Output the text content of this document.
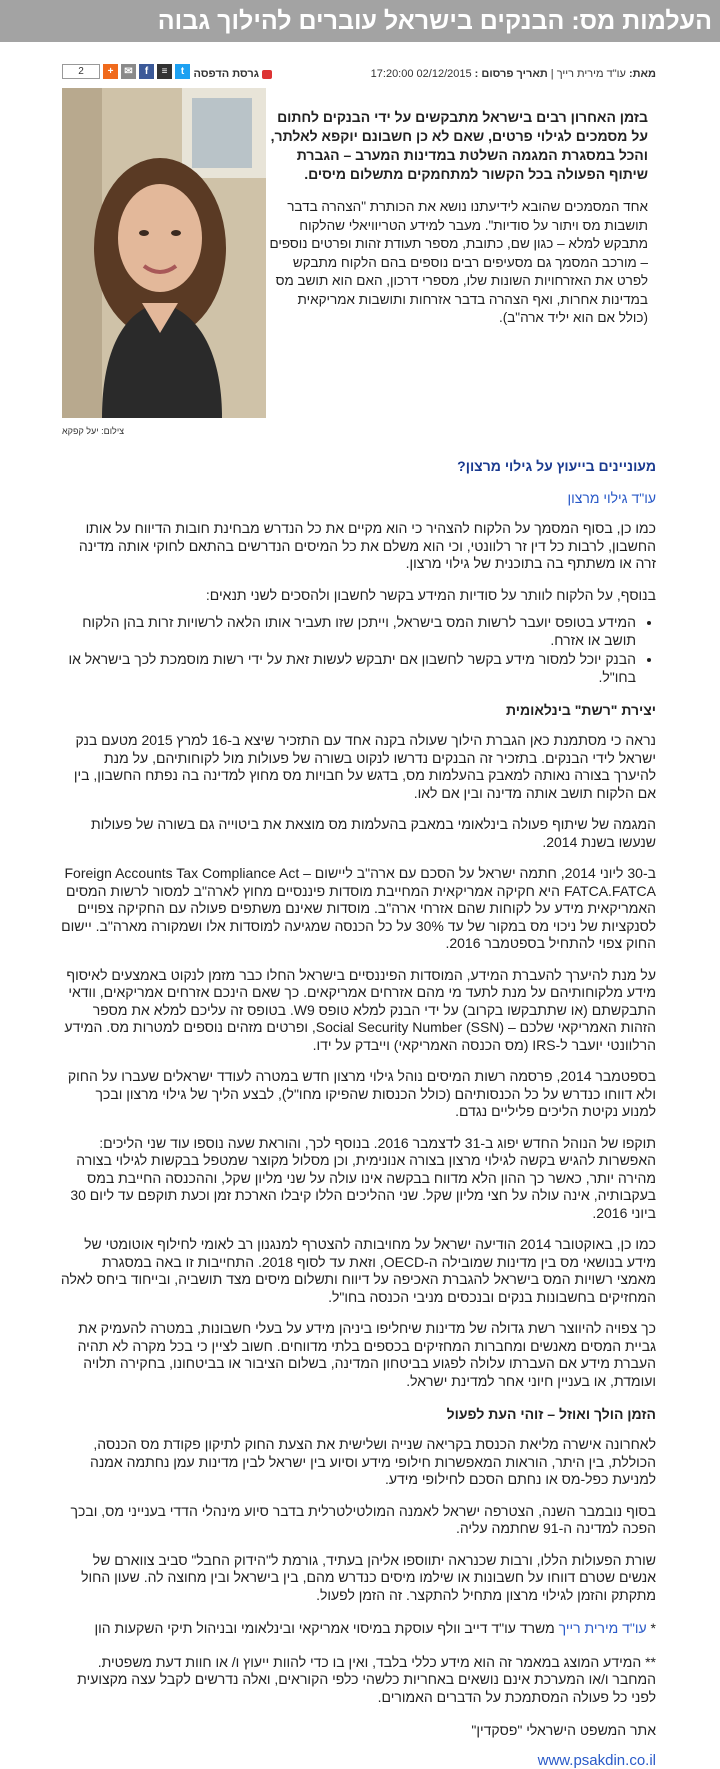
העלמות מס: הבנקים בישראל עוברים להילוך גבוה
מאת: עו"ד מירית רייך | תאריך פרסום : 02/12/2015 17:20:00
גרסת הדפסה
t
≡
f
✉
+
2
צילום: יעל קפקא

בזמן האחרון רבים בישראל מתבקשים על ידי הבנקים לחתום על מסמכים לגילוי פרטים, שאם לא כן חשבונם יוקפא לאלתר, והכל במסגרת המגמה השלטת במדינות המערב – הגברת שיתוף הפעולה בכל הקשור למתחמקים מתשלום מיסים.

אחד המסמכים שהובא לידיעתנו נושא את הכותרת "הצהרה בדבר תושבות מס ויתור על סודיות". מעבר למידע הטריוויאלי שהלקוח מתבקש למלא – כגון שם, כתובת, מספר תעודת זהות ופרטים נוספים – מורכב המסמך גם מסעיפים רבים נוספים בהם הלקוח מתבקש לפרט את האזרחויות השונות שלו, מספרי דרכון, האם הוא תושב מס במדינות אחרות, ואף הצהרה בדבר אזרחות ותושבות אמריקאית (כולל אם הוא יליד ארה"ב).

מעוניינים בייעוץ על גילוי מרצון?

עו"ד גילוי מרצון

כמו כן, בסוף המסמך על הלקוח להצהיר כי הוא מקיים את כל הנדרש מבחינת חובות הדיווח על אותו החשבון, לרבות כל דין זר רלוונטי, וכי הוא משלם את כל המיסים הנדרשים בהתאם לחוקי אותה מדינה זרה או משתתף בה בתוכנית של גילוי מרצון.

בנוסף, על הלקוח לוותר על סודיות המידע בקשר לחשבון ולהסכים לשני תנאים:

• המידע בטופס יועבר לרשות המס בישראל, וייתכן שזו תעביר אותו הלאה לרשויות זרות בהן הלקוח תושב או אזרח.
• הבנק יוכל למסור מידע בקשר לחשבון אם יתבקש לעשות זאת על ידי רשות מוסמכת לכך בישראל או בחו"ל.
יצירת "רשת" בינלאומית

נראה כי מסתמנת כאן הגברת הילוך שעולה בקנה אחד עם התזכיר שיצא ב-16 למרץ 2015 מטעם בנק ישראל לידי הבנקים. בתזכיר זה הבנקים נדרשו לנקוט בשורה של פעולות מול לקוחותיהם, על מנת להיערך בצורה נאותה למאבק בהעלמות מס, בדגש על חבויות מס מחוץ למדינה בה נפתח החשבון, בין אם הלקוח תושב אותה מדינה ובין אם לאו.

המגמה של שיתוף פעולה בינלאומי במאבק בהעלמות מס מוצאת את ביטוייה גם בשורה של פעולות שנעשו בשנת 2014.

ב-30 ליוני 2014, חתמה ישראל על הסכם עם ארה"ב ליישום Foreign Accounts Tax Compliance Act – FATCA.FATCA היא חקיקה אמריקאית המחייבת מוסדות פיננסיים מחוץ לארה"ב למסור לרשות המסים האמריקאית מידע על לקוחות שהם אזרחי ארה"ב. מוסדות שאינם משתפים פעולה עם החקיקה צפויים לסנקציות של ניכוי מס במקור של עד 30% על כל הכנסה שמגיעה למוסדות אלו ושמקורה מארה"ב. יישום החוק צפוי להתחיל בספטמבר 2016.

על מנת להיערך להעברת המידע, המוסדות הפיננסיים בישראל החלו כבר מזמן לנקוט באמצעים לאיסוף מידע מלקוחותיהם על מנת לתעד מי מהם אזרחים אמריקאים. כך שאם הינכם אזרחים אמריקאים, וודאי התבקשתם (או שתתבקשו בקרוב) על ידי הבנק למלא טופס W9. בטופס זה עליכם למלא את מספר הזהות האמריקאי שלכם – Social Security Number (SSN), ופרטים מזהים נוספים למטרות מס. המידע הרלוונטי יועבר ל-IRS (מס הכנסה האמריקאי) וייבדק על ידו.

בספטמבר 2014, פרסמה רשות המיסים נוהל גילוי מרצון חדש במטרה לעודד ישראלים שעברו על החוק ולא דווחו כנדרש על כל הכנסותיהם (כולל הכנסות שהפיקו מחו"ל), לבצע הליך של גילוי מרצון ובכך למנוע נקיטת הליכים פליליים נגדם.

תוקפו של הנוהל החדש יפוג ב-31 לדצמבר 2016. בנוסף לכך, והוראת שעה נוספו עוד שני הליכים: האפשרות להגיש בקשה לגילוי מרצון בצורה אנונימית, וכן מסלול מקוצר שמטפל בבקשות לגילוי בצורה מהירה יותר, כאשר כך ההון הלא מדווח בבקשה אינו עולה על שני מליון שקל, וההכנסה החייבת במס בעקבותיה, אינה עולה על חצי מליון שקל. שני ההליכים הללו קיבלו הארכת זמן וכעת תוקפם עד ליום 30 ביוני 2016.

כמו כן, באוקטובר 2014 הודיעה ישראל על מחויבותה להצטרף למנגנון רב לאומי לחילוף אוטומטי של מידע בנושאי מס בין מדינות שמובילה ה-OECD, וזאת עד לסוף 2018. התחייבות זו באה במסגרת מאמצי רשויות המס בישראל להגברת האכיפה על דיווח ותשלום מיסים מצד תושביה, ובייחוד ביחס לאלה המחזיקים בחשבונות בנקים ובנכסים מניבי הכנסה בחו"ל.

כך צפויה להיווצר רשת גדולה של מדינות שיחליפו ביניהן מידע על בעלי חשבונות, במטרה להעמיק את גביית המסים מאנשים ומחברות המחזיקים בכספים בלתי מדווחים. חשוב לציין כי בכל מקרה לא תהיה העברת מידע אם העברתו עלולה לפגוע בביטחון המדינה, בשלום הציבור או בביטחונו, בחקירה תלויה ועומדת, או בעניין חיוני אחר למדינת ישראל.

הזמן הולך ואוזל – זוהי העת לפעול

לאחרונה אישרה מליאת הכנסת בקריאה שנייה ושלישית את הצעת החוק לתיקון פקודת מס הכנסה, הכוללת, בין היתר, הוראות המאפשרות חילופי מידע וסיוע בין ישראל לבין מדינות עמן נחתמה אמנה למניעת כפל-מס או נחתם הסכם לחילופי מידע.

בסוף נובמבר השנה, הצטרפה ישראל לאמנה המולטילטרלית בדבר סיוע מינהלי הדדי בענייני מס, ובכך הפכה למדינה ה-91 שחתמה עליה.

שורת הפעולות הללו, ורבות שכנראה יתווספו אליהן בעתיד, גורמת ל"הידוק החבל" סביב צווארם של אנשים שטרם דווחו על חשבונות או שילמו מיסים כנדרש מהם, בין בישראל ובין מחוצה לה. שעון החול מתקתק והזמן לגילוי מרצון מתחיל להתקצר. זה הזמן לפעול.

* עו"ד מירית רייך משרד עו"ד דייב וולף עוסקת במיסוי אמריקאי ובינלאומי ובניהול תיקי השקעות הון

** המידע המוצג במאמר זה הוא מידע כללי בלבד, ואין בו כדי להוות ייעוץ ו/ או חוות דעת משפטית. המחבר ו/או המערכת אינם נושאים באחריות כלשהי כלפי הקוראים, ואלה נדרשים לקבל עצה מקצועית לפני כל פעולה המסתמכת על הדברים האמורים.

אתר המשפט הישראלי "פסקדין"

www.psakdin.co.il
